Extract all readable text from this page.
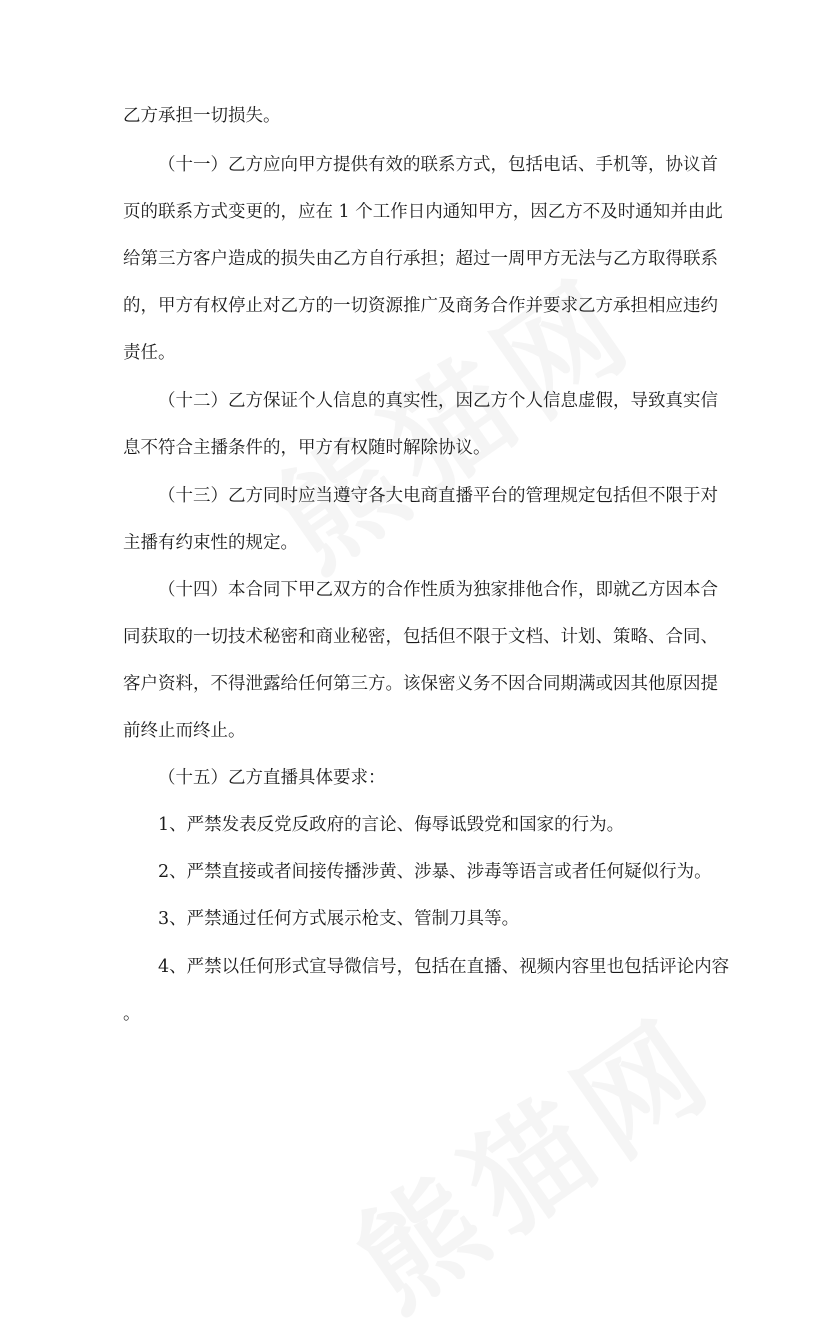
乙方承担一切损失。

（十一）乙方应向甲方提供有效的联系方式，包括电话、手机等，协议首

页的联系方式变更的，应在 1 个工作日内通知甲方，因乙方不及时通知并由此

给第三方客户造成的损失由乙方自行承担；超过一周甲方无法与乙方取得联系

的，甲方有权停止对乙方的一切资源推广及商务合作并要求乙方承担相应违约

责任。

（十二）乙方保证个人信息的真实性，因乙方个人信息虚假，导致真实信

息不符合主播条件的，甲方有权随时解除协议。

（十三）乙方同时应当遵守各大电商直播平台的管理规定包括但不限于对

主播有约束性的规定。

（十四）本合同下甲乙双方的合作性质为独家排他合作，即就乙方因本合

同获取的一切技术秘密和商业秘密，包括但不限于文档、计划、策略、合同、

客户资料，不得泄露给任何第三方。该保密义务不因合同期满或因其他原因提

前终止而终止。

（十五）乙方直播具体要求：

1、严禁发表反党反政府的言论、侮辱诋毁党和国家的行为。

2、严禁直接或者间接传播涉黄、涉暴、涉毒等语言或者任何疑似行为。

3、严禁通过任何方式展示枪支、管制刀具等。

4、严禁以任何形式宣导微信号，包括在直播、视频内容里也包括评论内容

。
